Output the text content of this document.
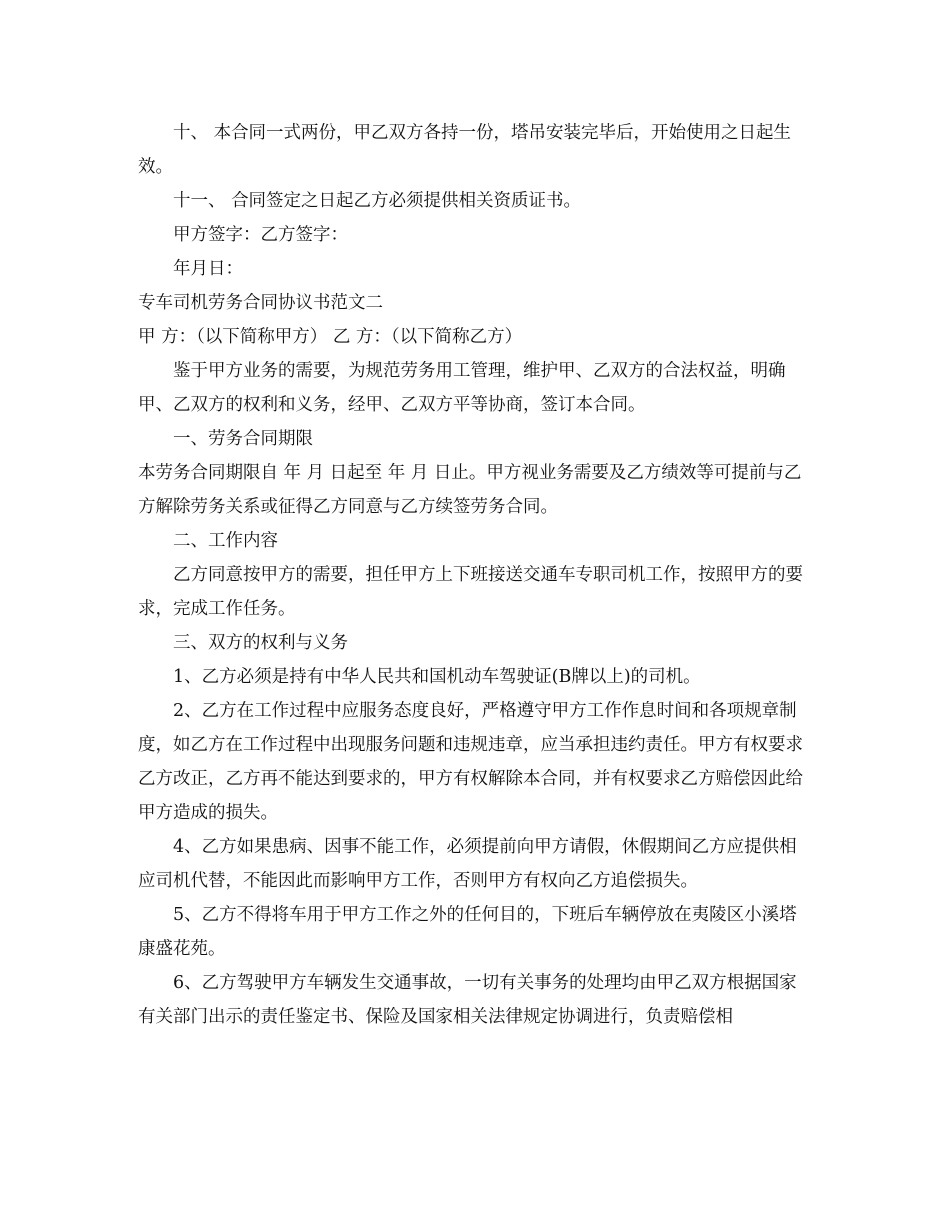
十、 本合同一式两份，甲乙双方各持一份，塔吊安装完毕后，开始使用之日起生效。

十一、 合同签定之日起乙方必须提供相关资质证书。

甲方签字：乙方签字：

年月日：

专车司机劳务合同协议书范文二甲 方：（以下简称甲方） 乙 方：（以下简称乙方）

鉴于甲方业务的需要，为规范劳务用工管理，维护甲、乙双方的合法权益，明确甲、乙双方的权利和义务，经甲、乙双方平等协商，签订本合同。

一、劳务合同期限

本劳务合同期限自 年 月 日起至 年 月 日止。甲方视业务需要及乙方绩效等可提前与乙方解除劳务关系或征得乙方同意与乙方续签劳务合同。

二、工作内容

乙方同意按甲方的需要，担任甲方上下班接送交通车专职司机工作，按照甲方的要求，完成工作任务。

三、双方的权利与义务

1、乙方必须是持有中华人民共和国机动车驾驶证(B牌以上)的司机。

2、乙方在工作过程中应服务态度良好，严格遵守甲方工作作息时间和各项规章制度，如乙方在工作过程中出现服务问题和违规违章，应当承担违约责任。甲方有权要求乙方改正，乙方再不能达到要求的，甲方有权解除本合同，并有权要求乙方赔偿因此给甲方造成的损失。

4、乙方如果患病、因事不能工作，必须提前向甲方请假，休假期间乙方应提供相应司机代替，不能因此而影响甲方工作，否则甲方有权向乙方追偿损失。

5、乙方不得将车用于甲方工作之外的任何目的，下班后车辆停放在夷陵区小溪塔康盛花苑。

6、乙方驾驶甲方车辆发生交通事故，一切有关事务的处理均由甲乙双方根据国家有关部门出示的责任鉴定书、保险及国家相关法律规定协调进行，负责赔偿相
